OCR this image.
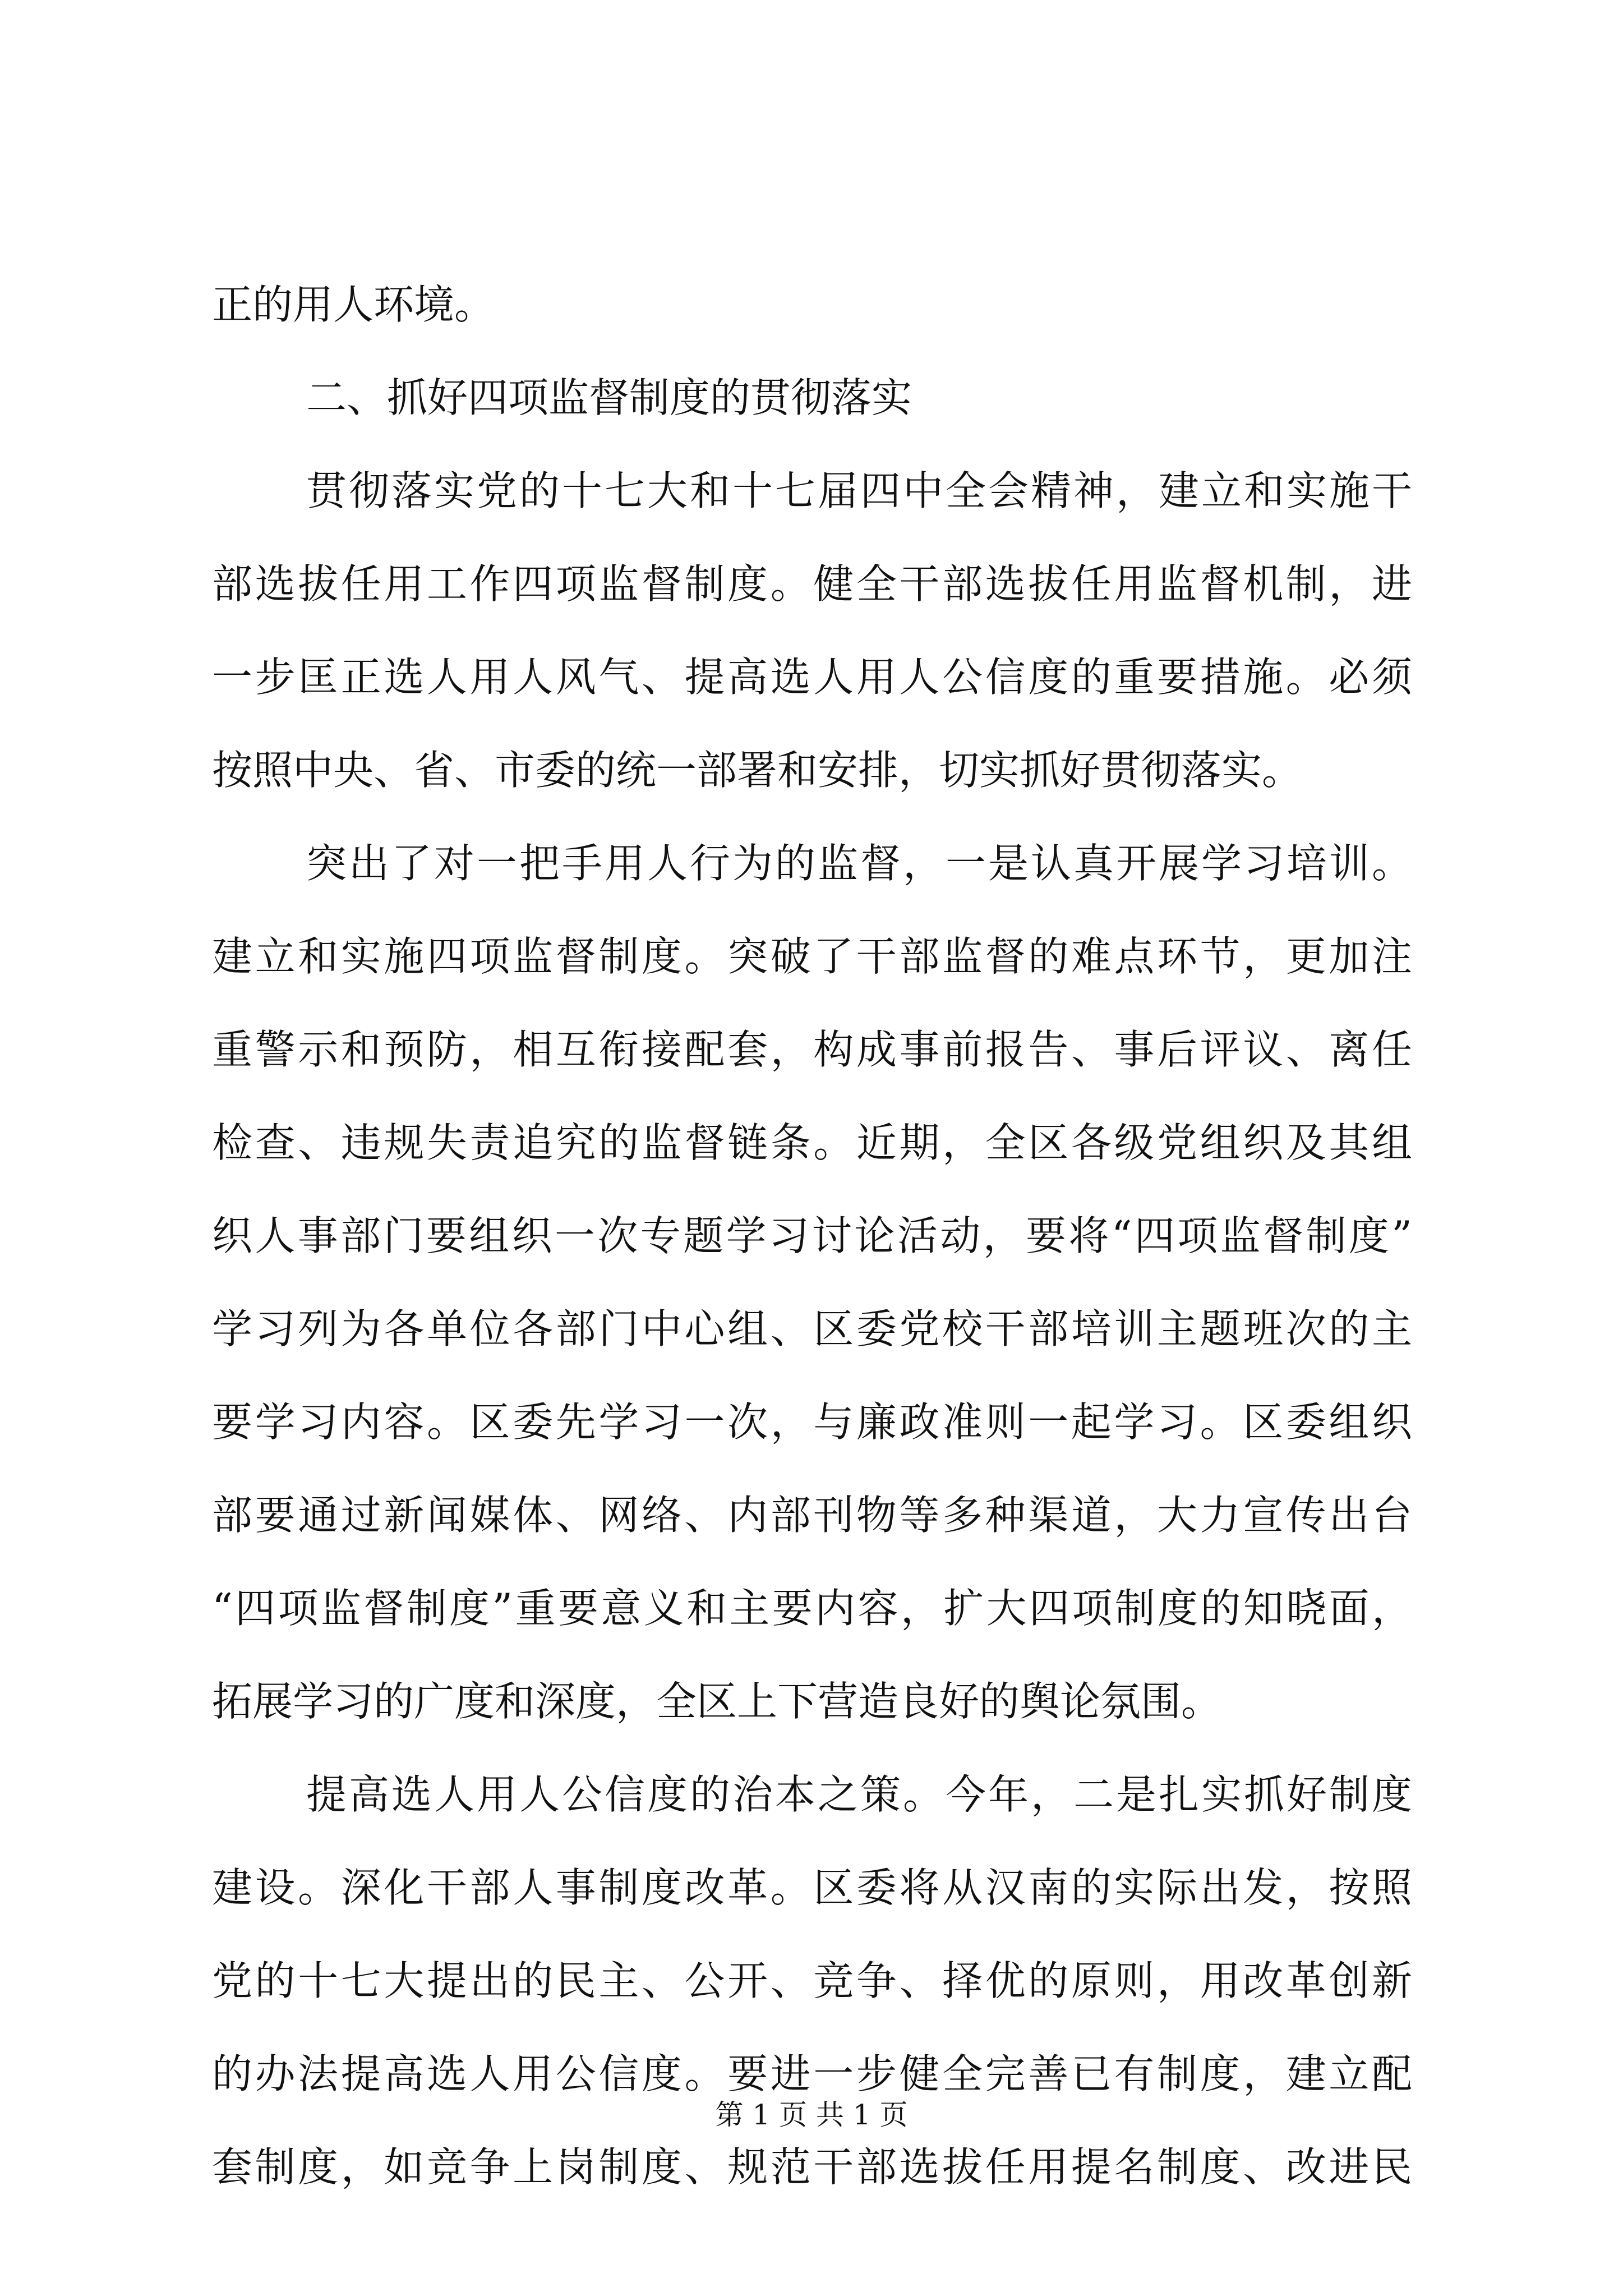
正的用人环境。
二、抓好四项监督制度的贯彻落实
贯彻落实党的十七大和十七届四中全会精神，建立和实施干
部选拔任用工作四项监督制度。健全干部选拔任用监督机制，进
一步匡正选人用人风气、提高选人用人公信度的重要措施。必须
按照中央、省、市委的统一部署和安排，切实抓好贯彻落实。
突出了对一把手用人行为的监督，一是认真开展学习培训。
建立和实施四项监督制度。突破了干部监督的难点环节，更加注
重警示和预防，相互衔接配套，构成事前报告、事后评议、离任
检查、违规失责追究的监督链条。近期，全区各级党组织及其组
织人事部门要组织一次专题学习讨论活动，要将“四项监督制度”
学习列为各单位各部门中心组、区委党校干部培训主题班次的主
要学习内容。区委先学习一次，与廉政准则一起学习。区委组织
部要通过新闻媒体、网络、内部刊物等多种渠道，大力宣传出台
“四项监督制度”重要意义和主要内容，扩大四项制度的知晓面，
拓展学习的广度和深度，全区上下营造良好的舆论氛围。
提高选人用人公信度的治本之策。今年，二是扎实抓好制度
建设。深化干部人事制度改革。区委将从汉南的实际出发，按照
党的十七大提出的民主、公开、竞争、择优的原则，用改革创新
的办法提高选人用公信度。要进一步健全完善已有制度，建立配
套制度，如竞争上岗制度、规范干部选拔任用提名制度、改进民
第 1 页 共 1 页
